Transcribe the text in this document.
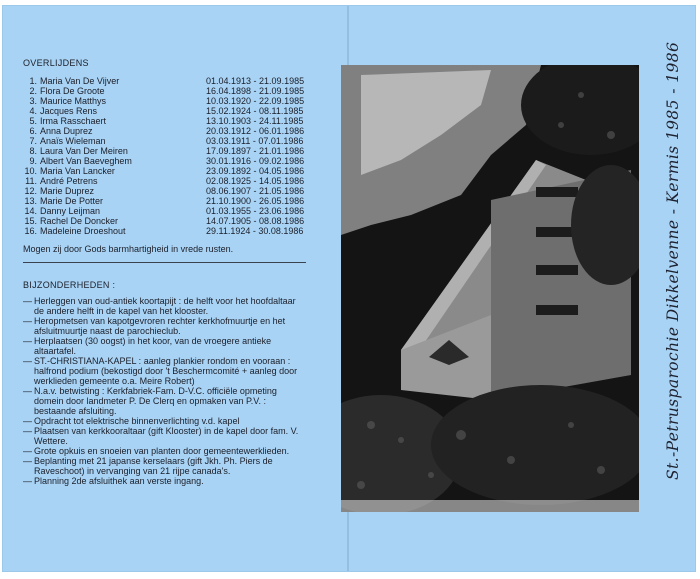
OVERLIJDENS
1.	Maria Van De Vijver	01.04.1913 - 21.09.1985
2.	Flora De Groote	16.04.1898 - 21.09.1985
3.	Maurice Matthys	10.03.1920 - 22.09.1985
4.	Jacques Rens	15.02.1924 - 08.11.1985
5.	Irma Rasschaert	13.10.1903 - 24.11.1985
6.	Anna Duprez	20.03.1912 - 06.01.1986
7.	Anaïs Wieleman	03.03.1911 - 07.01.1986
8.	Laura Van Der Meiren	17.09.1897 - 21.01.1986
9.	Albert Van Baeveghem	30.01.1916 - 09.02.1986
10.	Maria Van Lancker	23.09.1892 - 04.05.1986
11.	André Petrens	02.08.1925 - 14.05.1986
12.	Marie Duprez	08.06.1907 - 21.05.1986
13.	Marie De Potter	21.10.1900 - 26.05.1986
14.	Danny Leijman	01.03.1955 - 23.06.1986
15.	Rachel De Doncker	14.07.1905 - 08.08.1986
16.	Madeleine Droeshout	29.11.1924 - 30.08.1986
Mogen zij door Gods barmhartigheid in vrede rusten.
BIJZONDERHEDEN :
— Herleggen van oud-antiek koortapijt : de helft voor het hoofdaltaar de andere helft in de kapel van het klooster.
— Heropmetsen van kapotgevroren rechter kerkhofmuurtje en het afsluitmuurtje naast de parochieclub.
— Herplaatsen (30 oogst) in het koor, van de vroegere antieke altaartafel.
— ST.-CHRISTIANA-KAPEL : aanleg plankier rondom en vooraan : halfrond podium (bekostigd door 't Beschermcomité + aanleg door werklieden gemeente o.a. Meire Robert)
— N.a.v. betwisting : Kerkfabriek-Fam. D-V.C. officiële opmeting domein door landmeter P. De Clerq en opmaken van P.V. : bestaande afsluiting.
— Opdracht tot elektrische binnenverlichting v.d. kapel
— Plaatsen van kerkkooraltaar (gift Klooster) in de kapel door fam. V. Wettere.
— Grote opkuis en snoeien van planten door gemeentewerklieden.
— Beplanting met 21 japanse kerselaars (gift Jkh. Ph. Piers de Raveschoot) in vervanging van 21 rijpe canada's.
— Planning 2de afsluithek aan verste ingang.
St.-Petrusparochie Dikkelvenne - Kermis 1985 - 1986
